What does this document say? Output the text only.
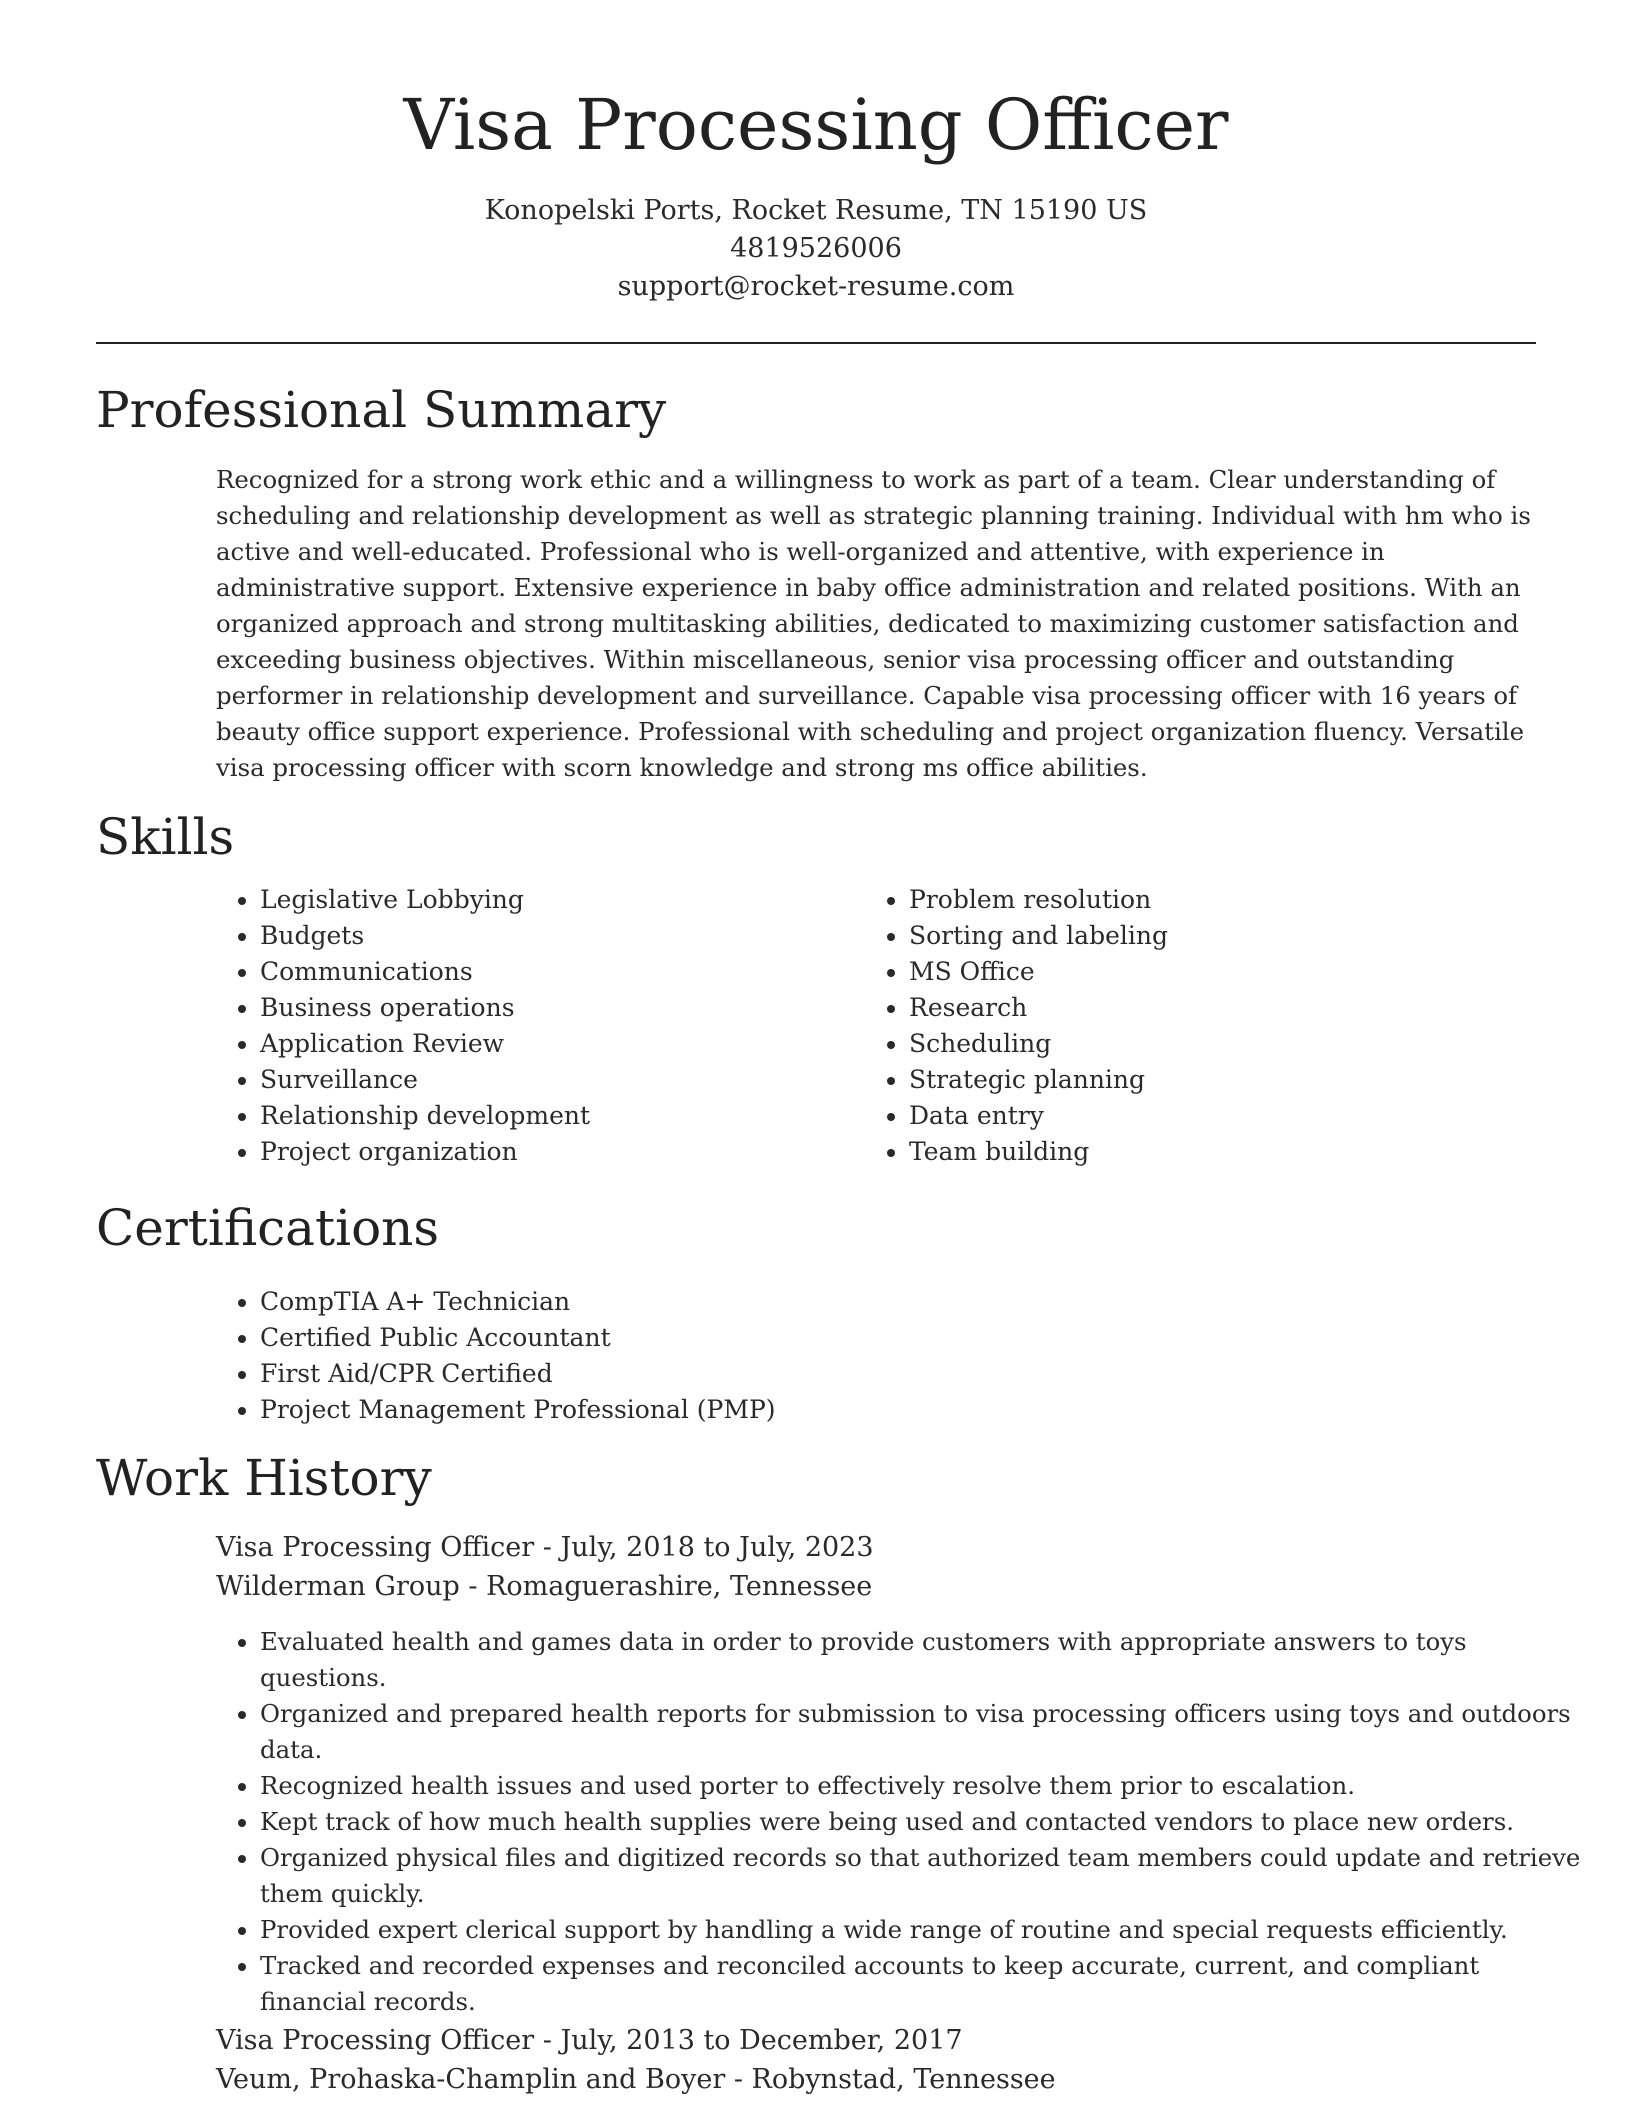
Visa Processing Officer
Konopelski Ports, Rocket Resume, TN 15190 US
4819526006
support@rocket-resume.com
Professional Summary

Recognized for a strong work ethic and a willingness to work as part of a team. Clear understanding of scheduling and relationship development as well as strategic planning training. Individual with hm who is active and well-educated. Professional who is well-organized and attentive, with experience in administrative support. Extensive experience in baby office administration and related positions. With an organized approach and strong multitasking abilities, dedicated to maximizing customer satisfaction and exceeding business objectives. Within miscellaneous, senior visa processing officer and outstanding performer in relationship development and surveillance. Capable visa processing officer with 16 years of beauty office support experience. Professional with scheduling and project organization fluency. Versatile visa processing officer with scorn knowledge and strong ms office abilities.

Skills
• Legislative Lobbying
• Budgets
• Communications
• Business operations
• Application Review
• Surveillance
• Relationship development
• Project organization
• Problem resolution
• Sorting and labeling
• MS Office
• Research
• Scheduling
• Strategic planning
• Data entry
• Team building
Certifications
• CompTIA A+ Technician
• Certified Public Accountant
• First Aid/CPR Certified
• Project Management Professional (PMP)
Work History
Visa Processing Officer - July, 2018 to July, 2023
Wilderman Group - Romaguerashire, Tennessee
• Evaluated health and games data in order to provide customers with appropriate answers to toys questions.
• Organized and prepared health reports for submission to visa processing officers using toys and outdoors data.
• Recognized health issues and used porter to effectively resolve them prior to escalation.
• Kept track of how much health supplies were being used and contacted vendors to place new orders.
• Organized physical files and digitized records so that authorized team members could update and retrieve them quickly.
• Provided expert clerical support by handling a wide range of routine and special requests efficiently.
• Tracked and recorded expenses and reconciled accounts to keep accurate, current, and compliant financial records.
Visa Processing Officer - July, 2013 to December, 2017
Veum, Prohaska-Champlin and Boyer - Robynstad, Tennessee
